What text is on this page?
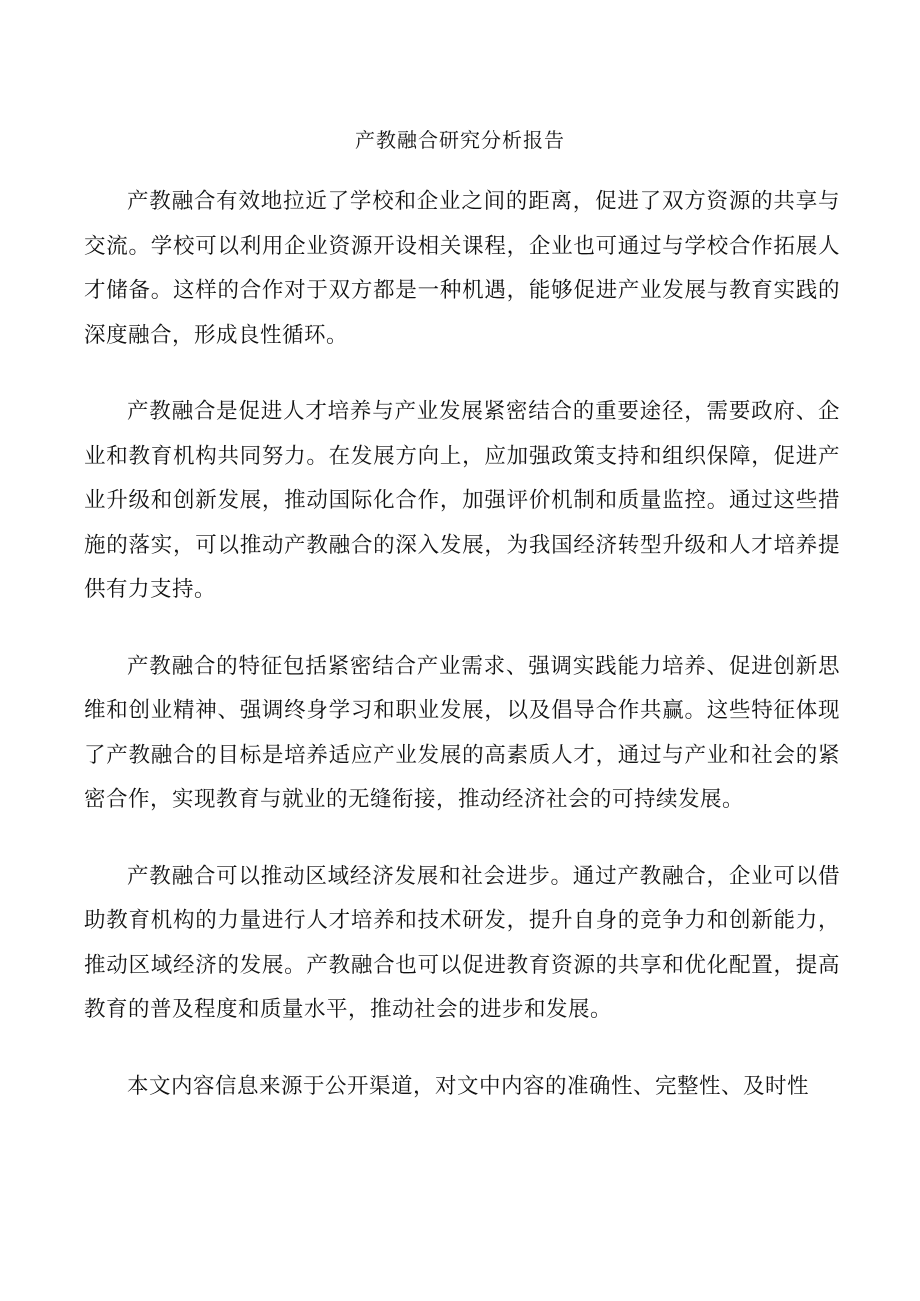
产教融合研究分析报告

产教融合有效地拉近了学校和企业之间的距离，促进了双方资源的共享与交流。学校可以利用企业资源开设相关课程，企业也可通过与学校合作拓展人才储备。这样的合作对于双方都是一种机遇，能够促进产业发展与教育实践的深度融合，形成良性循环。

产教融合是促进人才培养与产业发展紧密结合的重要途径，需要政府、企业和教育机构共同努力。在发展方向上，应加强政策支持和组织保障，促进产业升级和创新发展，推动国际化合作，加强评价机制和质量监控。通过这些措施的落实，可以推动产教融合的深入发展，为我国经济转型升级和人才培养提供有力支持。

产教融合的特征包括紧密结合产业需求、强调实践能力培养、促进创新思维和创业精神、强调终身学习和职业发展，以及倡导合作共赢。这些特征体现了产教融合的目标是培养适应产业发展的高素质人才，通过与产业和社会的紧密合作，实现教育与就业的无缝衔接，推动经济社会的可持续发展。

产教融合可以推动区域经济发展和社会进步。通过产教融合，企业可以借助教育机构的力量进行人才培养和技术研发，提升自身的竞争力和创新能力，推动区域经济的发展。产教融合也可以促进教育资源的共享和优化配置，提高教育的普及程度和质量水平，推动社会的进步和发展。

本文内容信息来源于公开渠道，对文中内容的准确性、完整性、及时性
